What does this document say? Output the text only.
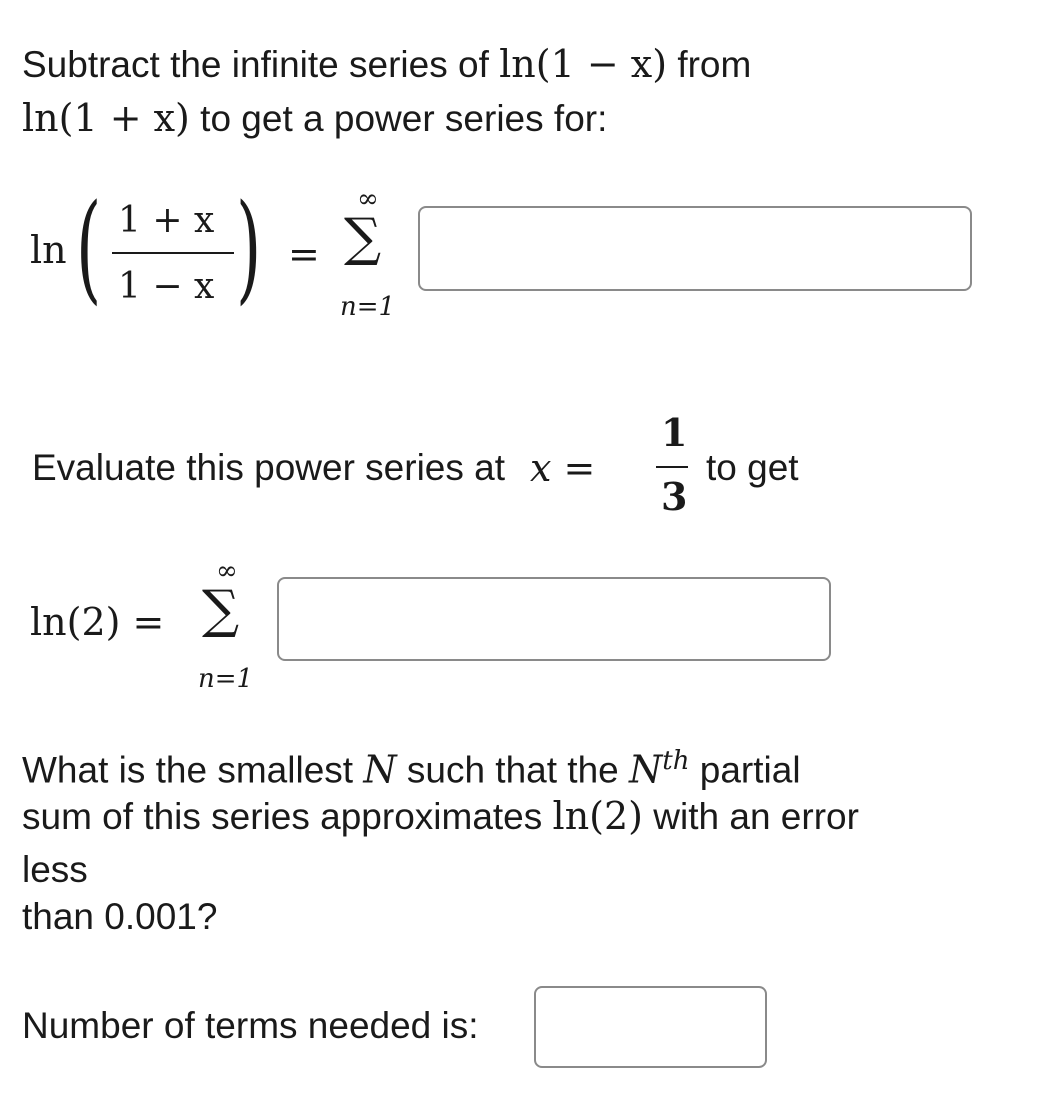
Subtract the infinite series of ln(1 − x) from
ln(1 + x) to get a power series for:
ln ( 1 + x
1 − x ) =
∞
∑
n=1
Evaluate this power series at x =
1
3
to get
ln(2) =
∞
∑
n=1
What is the smallest N such that the $N^{th}$ partial
sum of this series approximates ln(2) with an error
less
than 0.001?
Number of terms needed is:
